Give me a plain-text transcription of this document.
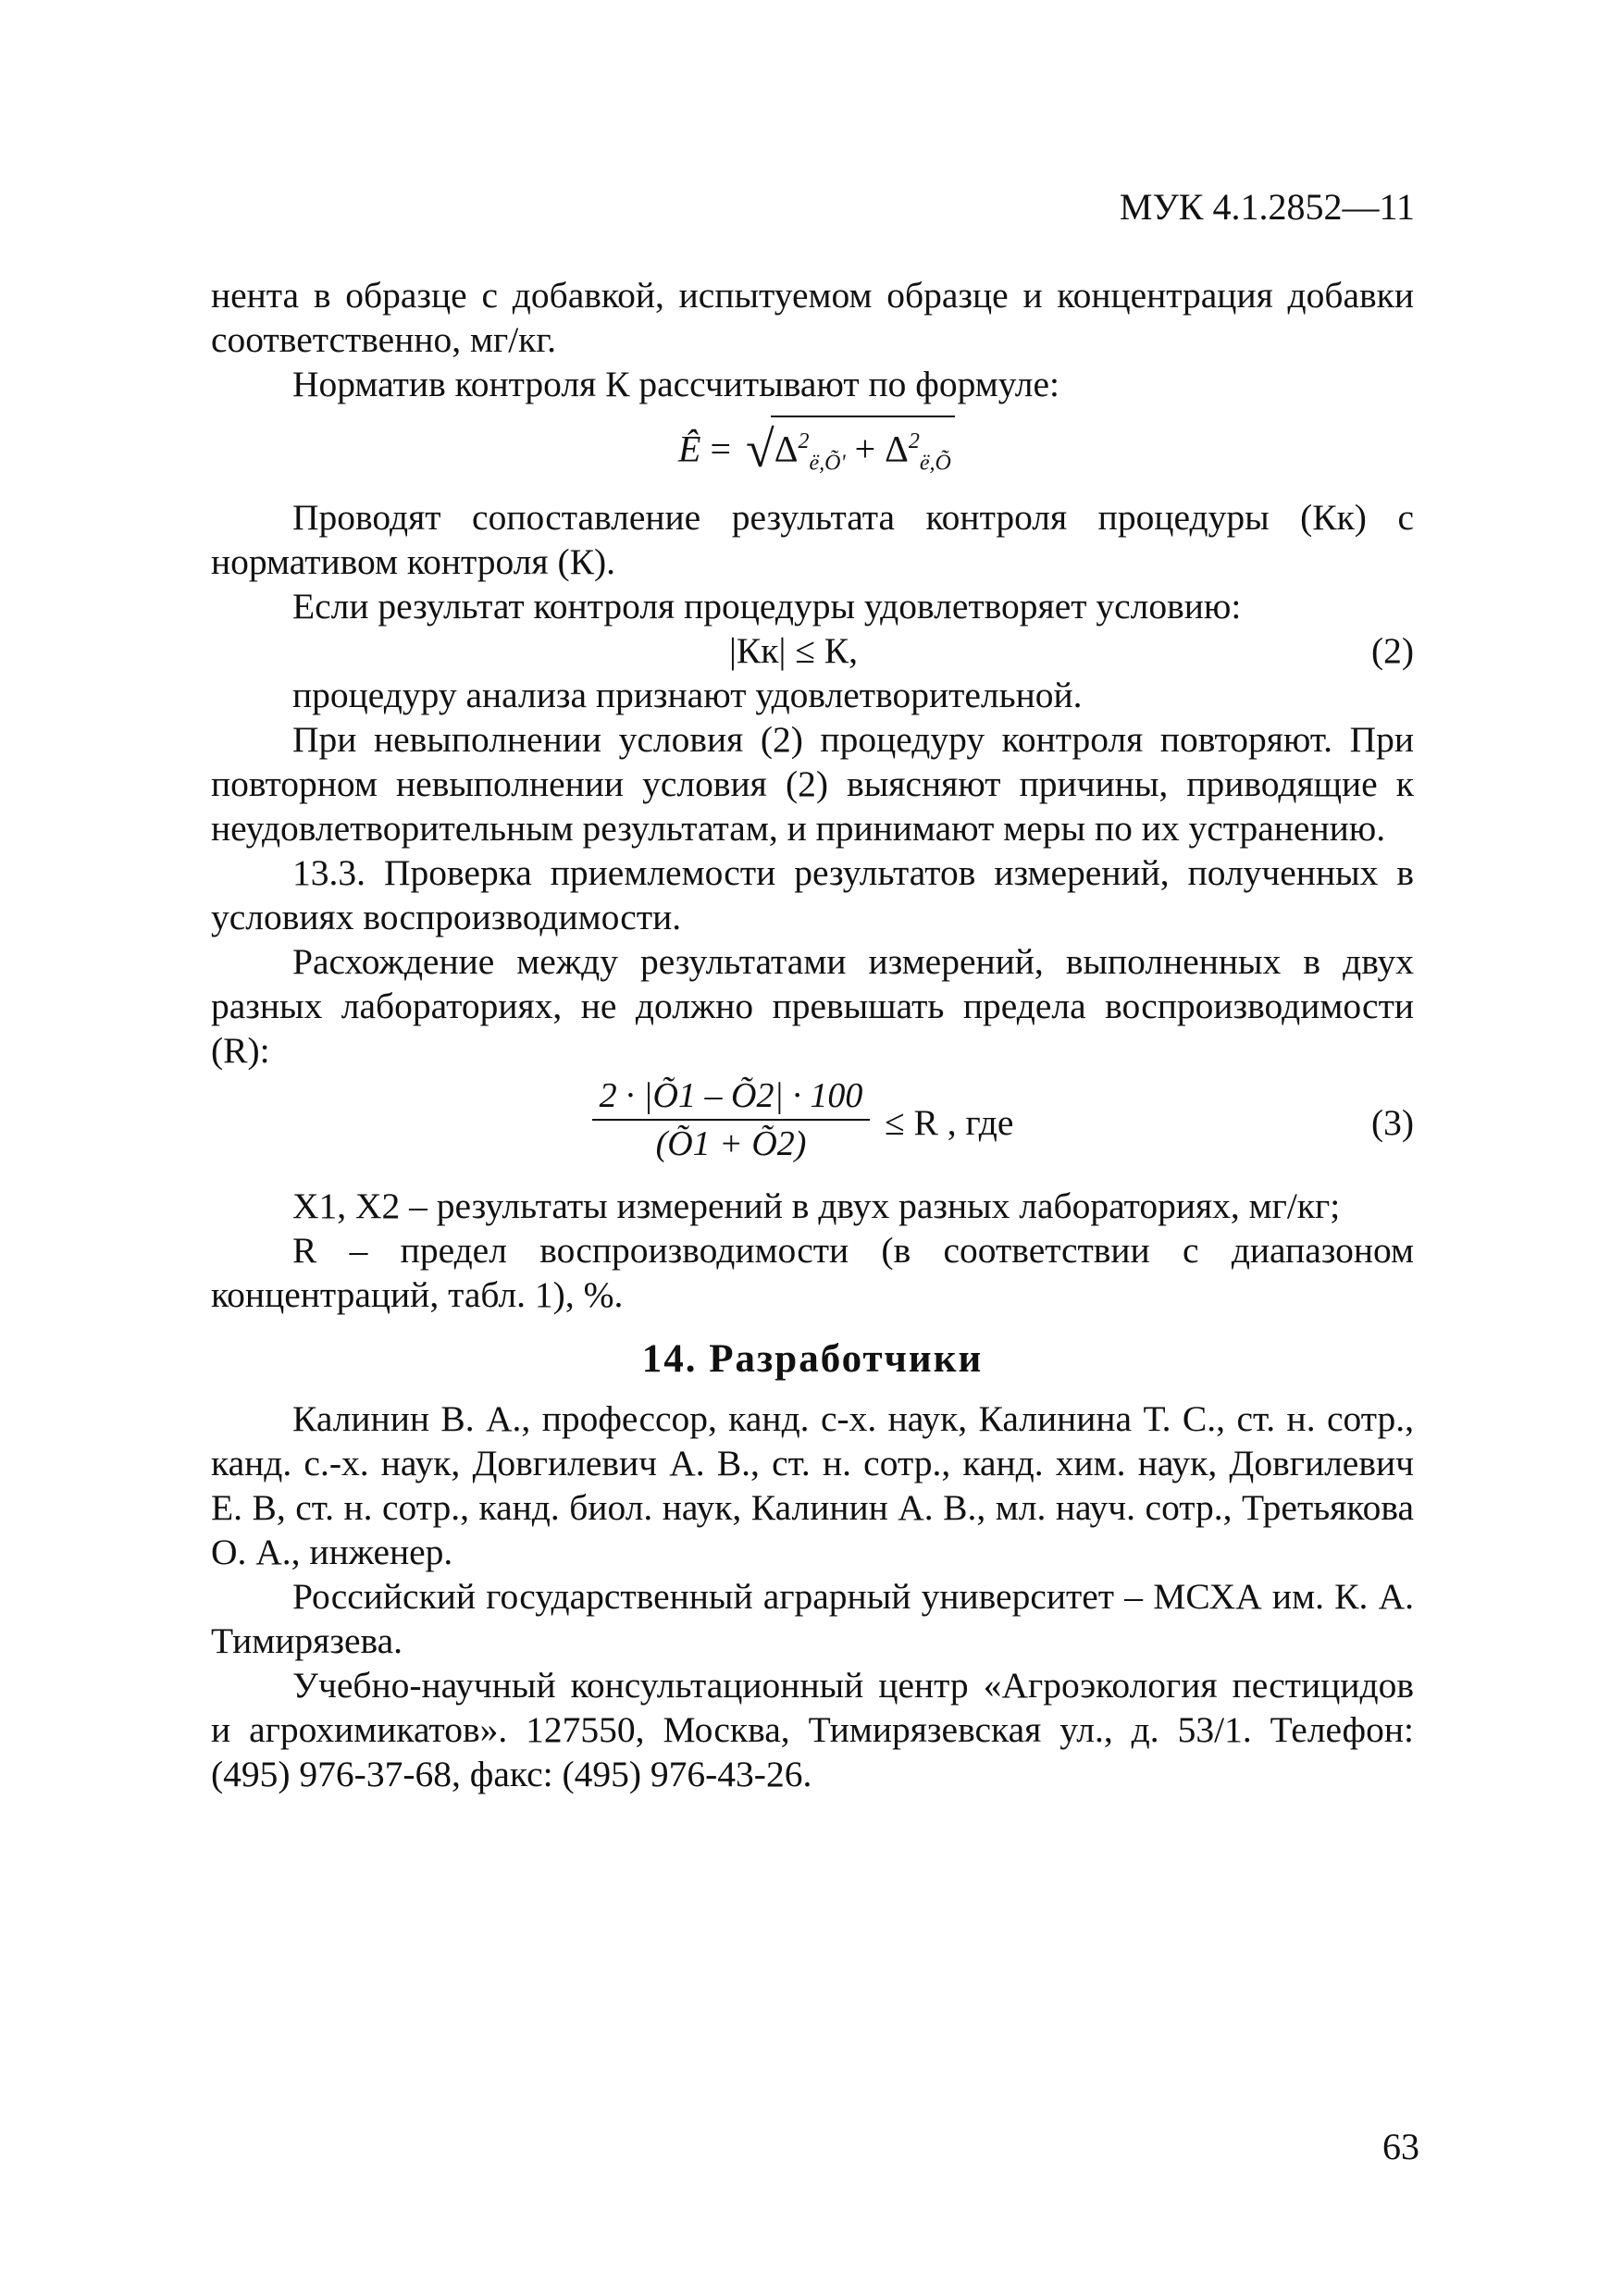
МУК 4.1.2852—11

нента в образце с добавкой, испытуемом образце и концентрация добавки соответственно, мг/кг.

Норматив контроля К рассчитывают по формуле:

Ê = $√\Delta^2_{ë,Õ'} + \Delta^2_{ë,Õ}$

Проводят сопоставление результата контроля процедуры (Кк) с нормативом контроля (К).

Если результат контроля процедуры удовлетворяет условию:

|Кк| ≤ К,	(2)

процедуру анализа признают удовлетворительной.

При невыполнении условия (2) процедуру контроля повторяют. При повторном невыполнении условия (2) выясняют причины, приводящие к неудовлетворительным результатам, и принимают меры по их устранению.

13.3. Проверка приемлемости результатов измерений, полученных в условиях воспроизводимости.

Расхождение между результатами измерений, выполненных в двух разных лабораториях, не должно превышать предела воспроизводимости (R):

2 · |Õ1 – Õ2| · 100
(Õ1 + Õ2)
≤ R , где	(3)

X1, X2 – результаты измерений в двух разных лабораториях, мг/кг;

R – предел воспроизводимости (в соответствии с диапазоном концентраций, табл. 1), %.

14. Разработчики

Калинин В. А., профессор, канд. с-х. наук, Калинина Т. С., ст. н. сотр., канд. с.-х. наук, Довгилевич А. В., ст. н. сотр., канд. хим. наук, Довгилевич Е. В, ст. н. сотр., канд. биол. наук, Калинин А. В., мл. науч. сотр., Третьякова О. А., инженер.

Российский государственный аграрный университет – МСХА им. К. А. Тимирязева.

Учебно-научный консультационный центр «Агроэкология пестицидов и агрохимикатов». 127550, Москва, Тимирязевская ул., д. 53/1. Телефон: (495) 976-37-68, факс: (495) 976-43-26.

63
